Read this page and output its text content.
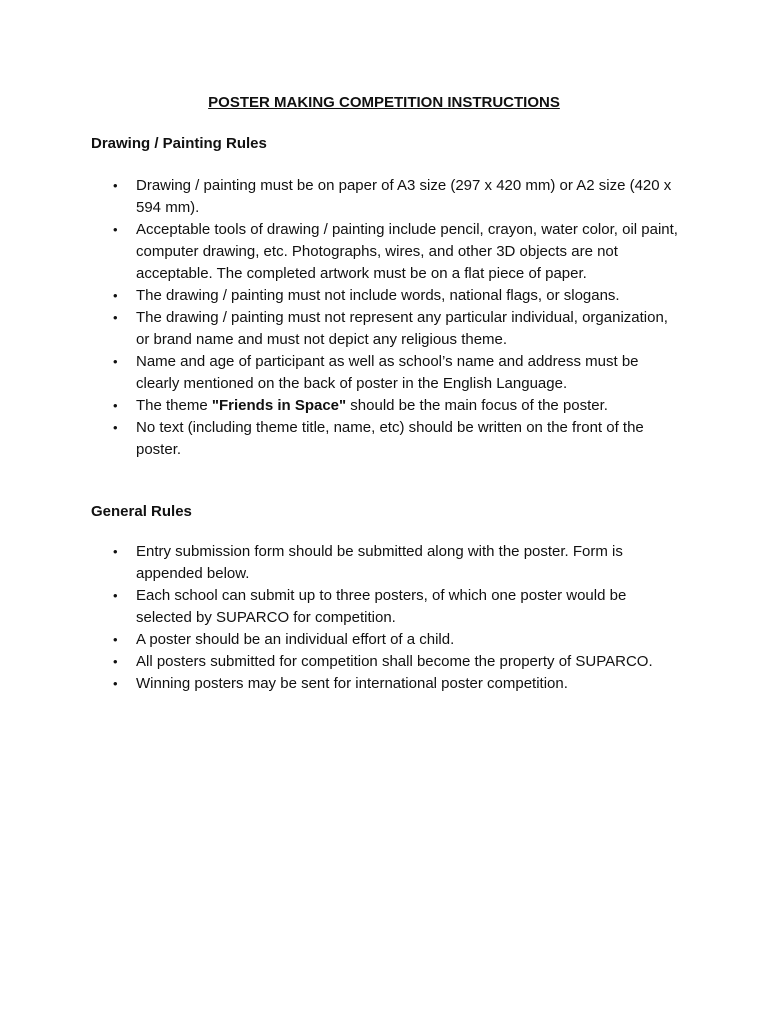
POSTER MAKING COMPETITION INSTRUCTIONS
Drawing / Painting Rules
• Drawing / painting must be on paper of A3 size (297 x 420 mm) or A2 size (420 x 594 mm).
• Acceptable tools of drawing / painting include pencil, crayon, water color, oil paint, computer drawing, etc. Photographs, wires, and other 3D objects are not acceptable. The completed artwork must be on a flat piece of paper.
• The drawing / painting must not include words, national flags, or slogans.
• The drawing / painting must not represent any particular individual, organization, or brand name and must not depict any religious theme.
• Name and age of participant as well as school’s name and address must be clearly mentioned on the back of poster in the English Language.
• The theme "Friends in Space" should be the main focus of the poster.
• No text (including theme title, name, etc) should be written on the front of the poster.
General Rules
• Entry submission form should be submitted along with the poster. Form is appended below.
• Each school can submit up to three posters, of which one poster would be selected by SUPARCO for competition.
• A poster should be an individual effort of a child.
• All posters submitted for competition shall become the property of SUPARCO.
• Winning posters may be sent for international poster competition.
